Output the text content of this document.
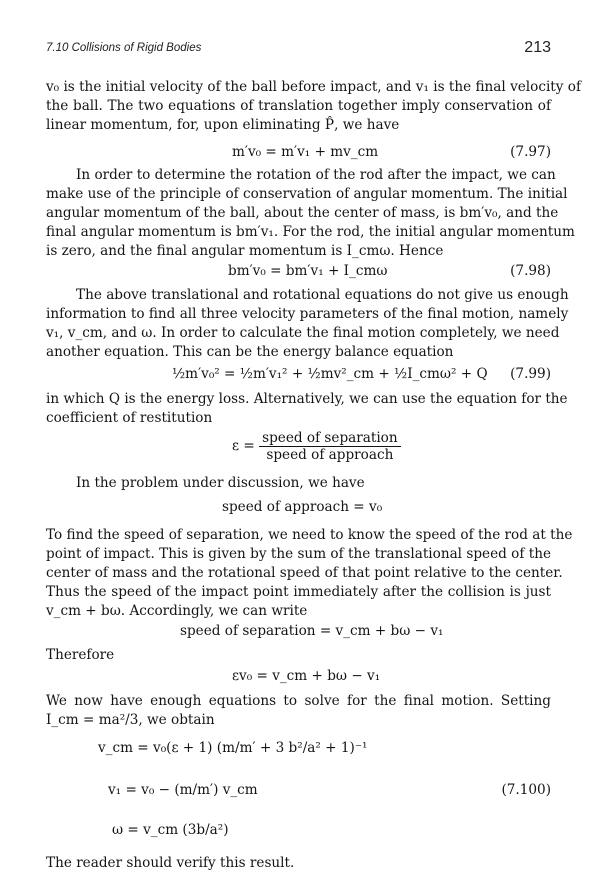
7.10 Collisions of Rigid Bodies	213
v₀ is the initial velocity of the ball before impact, and v₁ is the final velocity of
the ball. The two equations of translation together imply conservation of
linear momentum, for, upon eliminating P̂, we have
m′v₀ = m′v₁ + mv_cm	(7.97)
In order to determine the rotation of the rod after the impact, we can
make use of the principle of conservation of angular momentum. The initial
angular momentum of the ball, about the center of mass, is bm′v₀, and the
final angular momentum is bm′v₁. For the rod, the initial angular momentum
is zero, and the final angular momentum is I_cmω. Hence
bm′v₀ = bm′v₁ + I_cmω	(7.98)
The above translational and rotational equations do not give us enough
information to find all three velocity parameters of the final motion, namely
v₁, v_cm, and ω. In order to calculate the final motion completely, we need
another equation. This can be the energy balance equation
½m′v₀² = ½m′v₁² + ½mv²_cm + ½I_cmω² + Q (7.99)
in which Q is the energy loss. Alternatively, we can use the equation for the
coefficient of restitution
$\varepsilon = \frac{\text{speed of separation}}{\text{speed of approach}}$
In the problem under discussion, we have
speed of approach = v₀
To find the speed of separation, we need to know the speed of the rod at the
point of impact. This is given by the sum of the translational speed of the
center of mass and the rotational speed of that point relative to the center.
Thus the speed of the impact point immediately after the collision is just
v_cm + bω. Accordingly, we can write
speed of separation = v_cm + bω − v₁
Therefore
εv₀ = v_cm + bω − v₁
We now have enough equations to solve for the final motion. Setting
I_cm = ma²/3, we obtain
v_cm = v₀(ε + 1) (m/m′ + 3 b²/a² + 1)⁻¹
v₁ = v₀ − (m/m′) v_cm	(7.100)
ω = v_cm (3b/a²)
The reader should verify this result.
